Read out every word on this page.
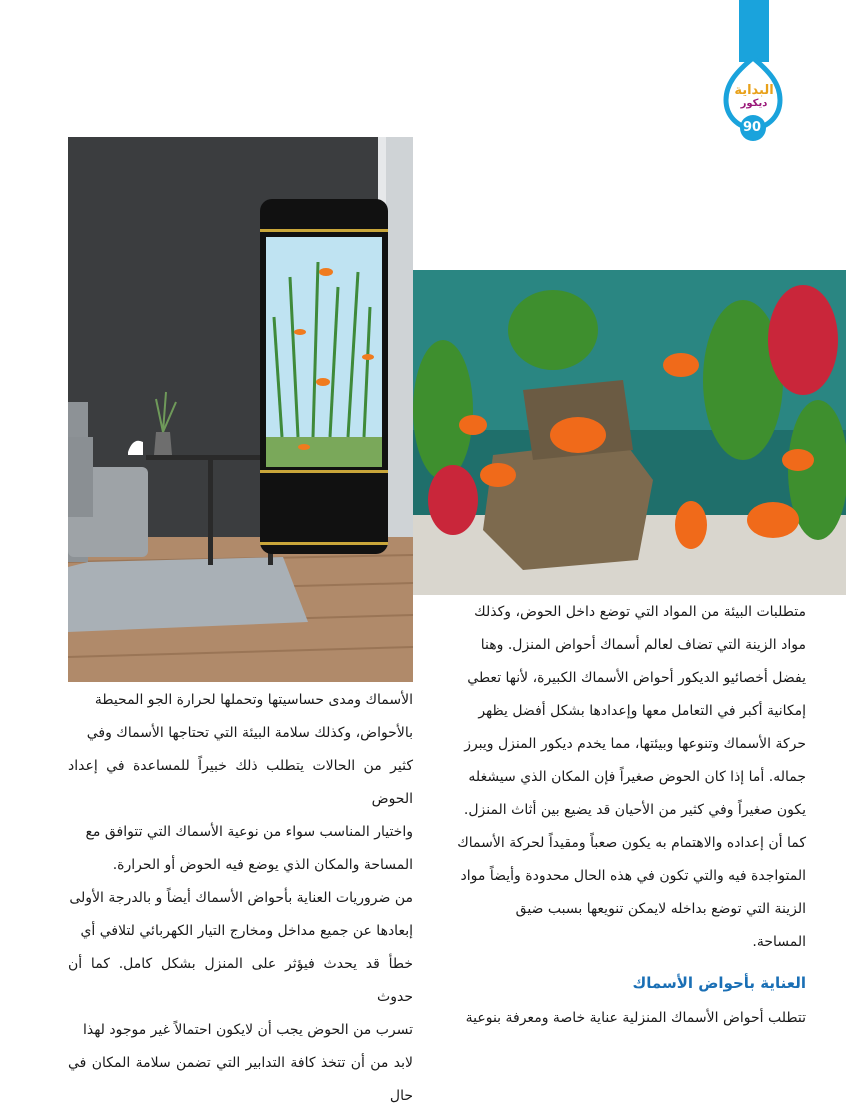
البداية
ديكور
90

متطلبات البيئة من المواد التي توضع داخل الحوض، وكذلك

مواد الزينة التي تضاف لعالم أسماك أحواض المنزل. وهنا

يفضل أخصائيو الديكور أحواض الأسماك الكبيرة، لأنها تعطي

إمكانية أكبر في التعامل معها وإعدادها بشكل أفضل يظهر

حركة الأسماك وتنوعها وبيئتها، مما يخدم ديكور المنزل ويبرز

جماله. أما إذا كان الحوض صغيراً فإن المكان الذي سيشغله

يكون صغيراً وفي كثير من الأحيان قد يضيع بين أثاث المنزل.

كما أن إعداده والاهتمام به يكون صعباً ومقيداً لحركة الأسماك

المتواجدة فيه والتي تكون في هذه الحال محدودة وأيضاً مواد

الزينة التي توضع بداخله لايمكن تنويعها بسبب ضيق

المساحة.

العناية بأحواض الأسماك

تتطلب أحواض الأسماك المنزلية عناية خاصة ومعرفة بنوعية

الأسماك ومدى حساسيتها وتحملها لحرارة الجو المحيطة

بالأحواض، وكذلك سلامة البيئة التي تحتاجها الأسماك وفي

كثير من الحالات يتطلب ذلك خبيراً للمساعدة في إعداد الحوض

واختيار المناسب سواء من نوعية الأسماك التي تتوافق مع

المساحة والمكان الذي يوضع فيه الحوض أو الحرارة.

من ضروريات العناية بأحواض الأسماك أيضاً و بالدرجة الأولى

إبعادها عن جميع مداخل ومخارج التيار الكهربائي لتلافي أي

خطأ قد يحدث فيؤثر على المنزل بشكل كامل. كما أن حدوث

تسرب من الحوض يجب أن لايكون احتمالاً غير موجود لهذا

لابد من أن تتخذ كافة التدابير التي تضمن سلامة المكان في حال
